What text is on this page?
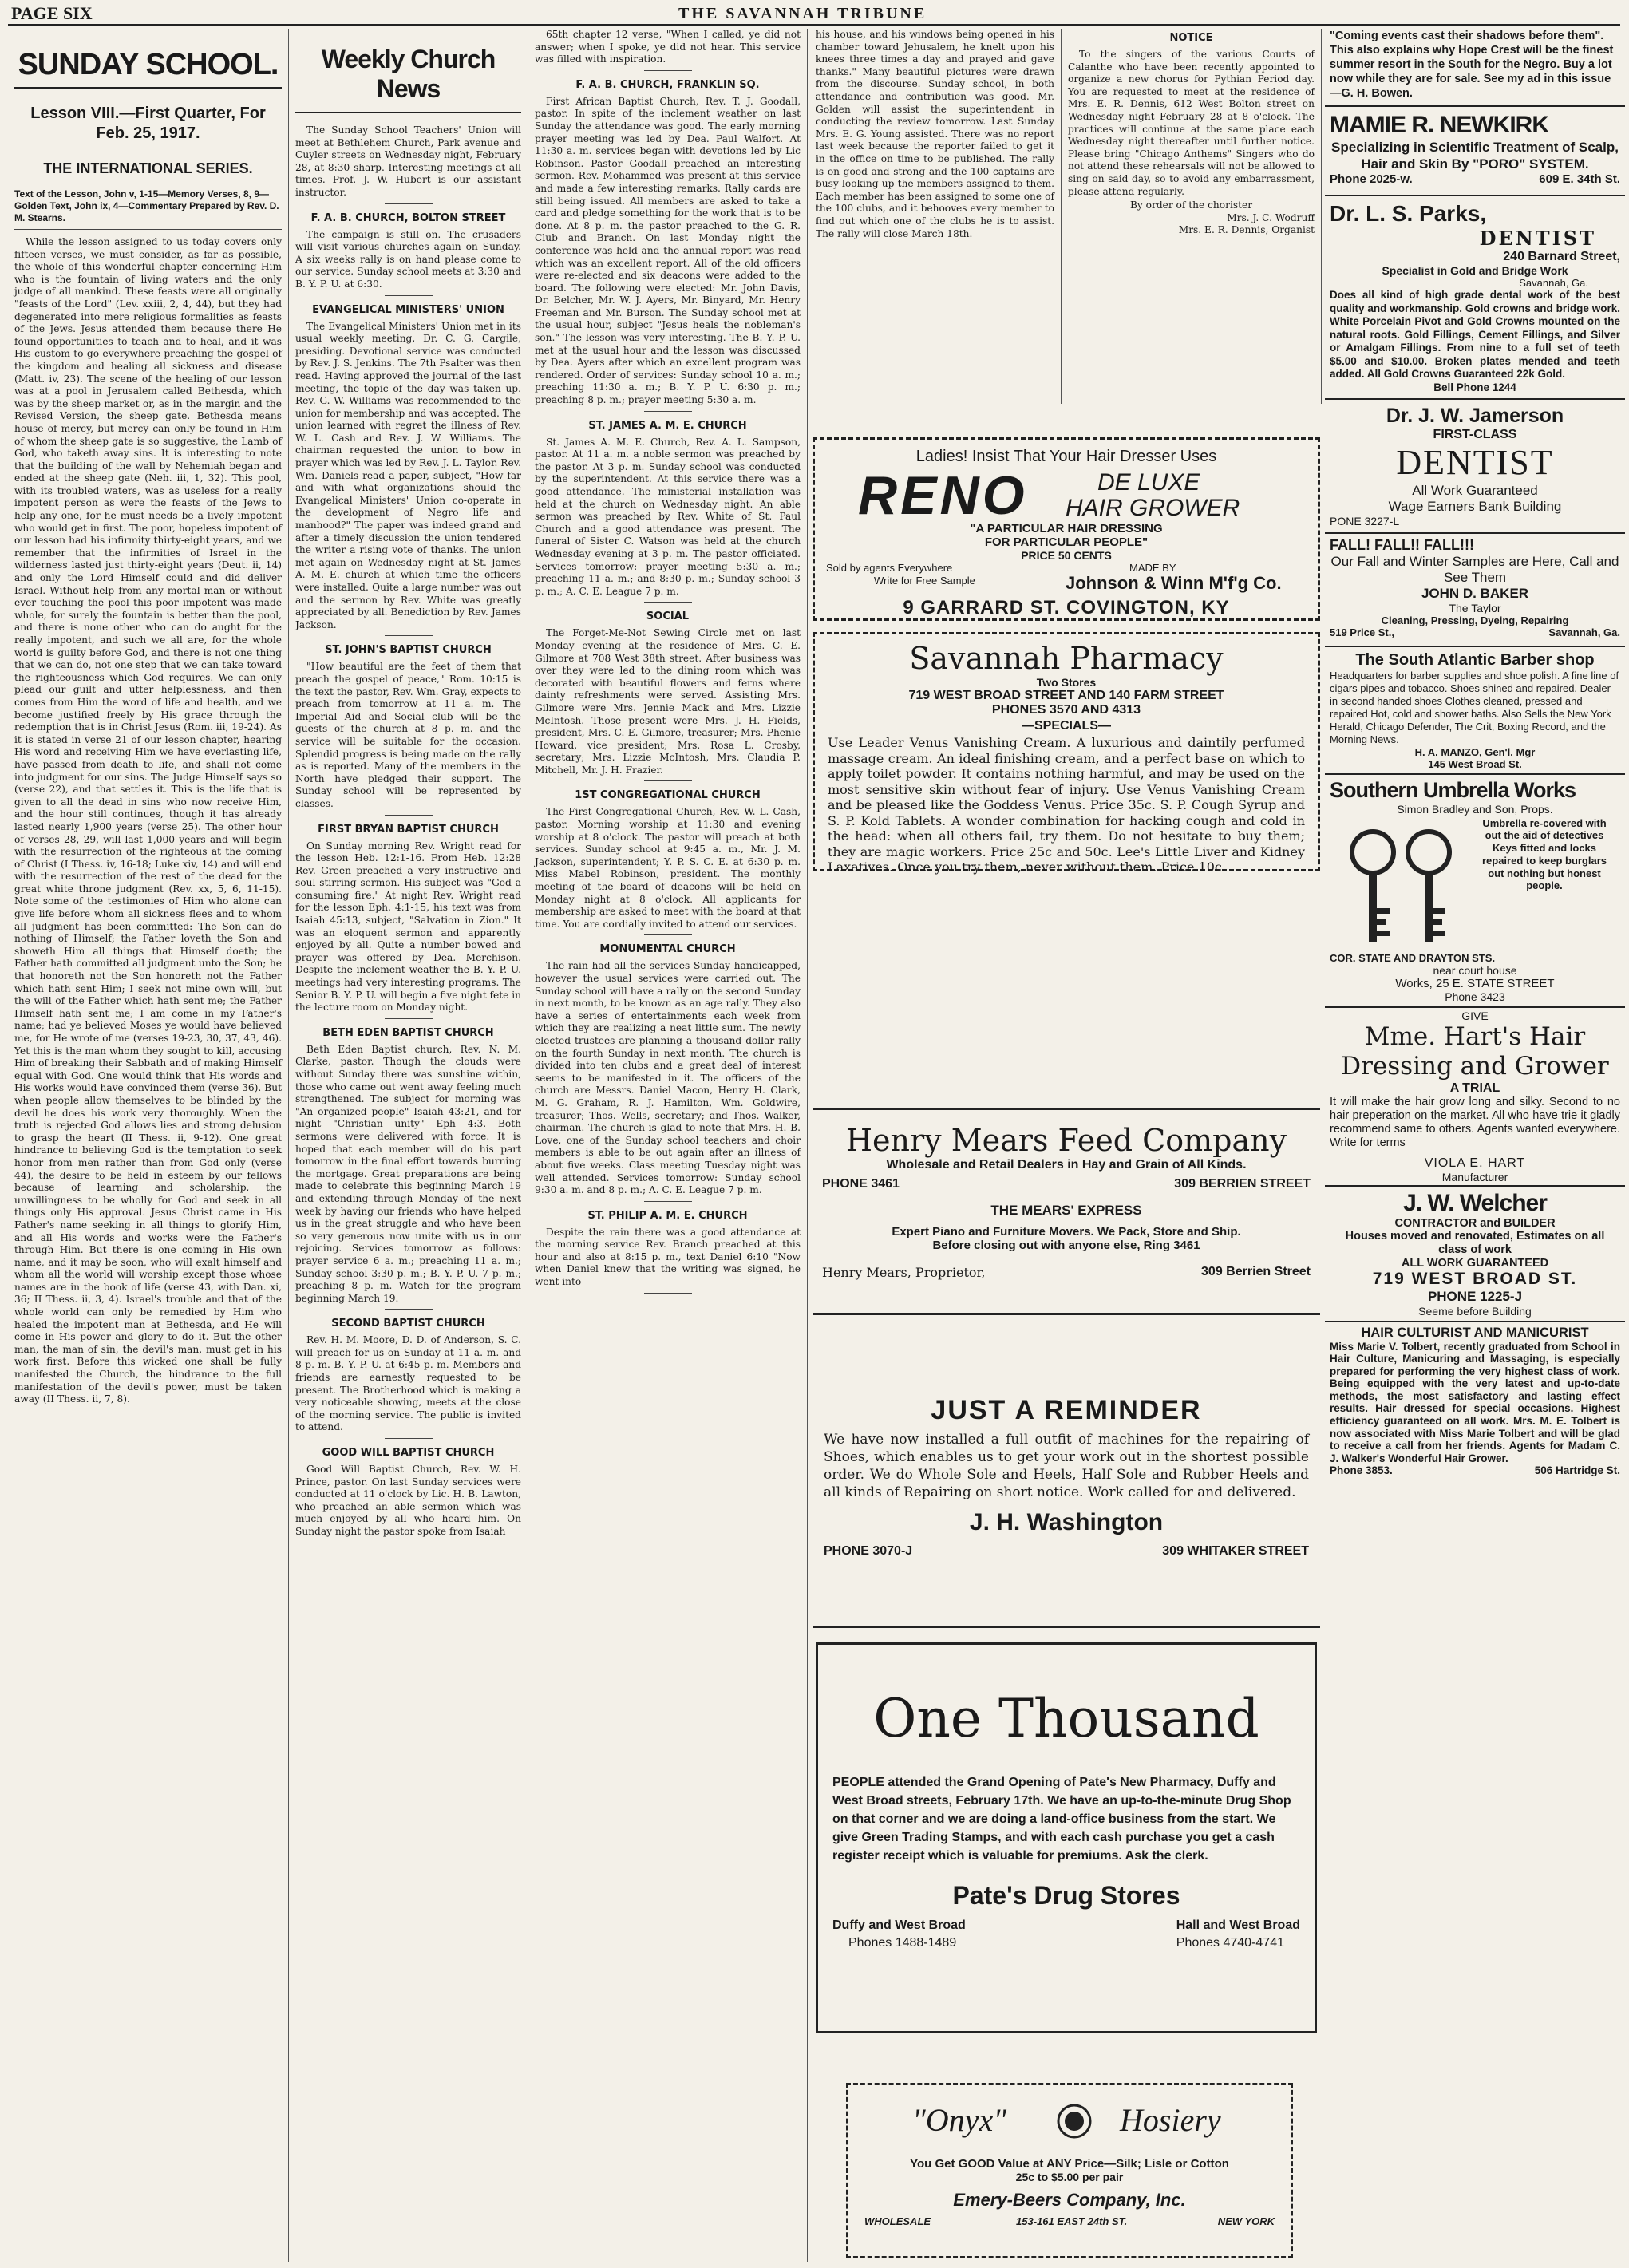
PAGE SIX	THE SAVANNAH TRIBUNE
SUNDAY SCHOOL.
Lesson VIII.—First Quarter, For
Feb. 25, 1917.
THE INTERNATIONAL SERIES.
Text of the Lesson, John v, 1-15—Memory Verses, 8, 9—Golden Text, John ix, 4—Commentary Prepared by Rev. D. M. Stearns.
While the lesson assigned to us today covers only fifteen verses, we must consider, as far as possible, the whole of this wonderful chapter concerning Him who is the fountain of living waters and the only judge of all mankind. These feasts were all originally "feasts of the Lord" (Lev. xxiii, 2, 4, 44), but they had degenerated into mere religious formalities as feasts of the Jews. Jesus attended them because there He found opportunities to teach and to heal, and it was His custom to go everywhere preaching the gospel of the kingdom and healing all sickness and disease (Matt. iv, 23). The scene of the healing of our lesson was at a pool in Jerusalem called Bethesda, which was by the sheep market or, as in the margin and the Revised Version, the sheep gate. Bethesda means house of mercy, but mercy can only be found in Him of whom the sheep gate is so suggestive, the Lamb of God, who taketh away sins. It is interesting to note that the building of the wall by Nehemiah began and ended at the sheep gate (Neh. iii, 1, 32). This pool, with its troubled waters, was as useless for a really impotent person as were the feasts of the Jews to help any one, for he must needs be a lively impotent who would get in first. The poor, hopeless impotent of our lesson had his infirmity thirty-eight years, and we remember that the infirmities of Israel in the wilderness lasted just thirty-eight years (Deut. ii, 14) and only the Lord Himself could and did deliver Israel. Without help from any mortal man or without ever touching the pool this poor impotent was made whole, for surely the fountain is better than the pool, and there is none other who can do aught for the really impotent, and such we all are, for the whole world is guilty before God, and there is not one thing that we can do, not one step that we can take toward the righteousness which God requires. We can only plead our guilt and utter helplessness, and then comes from Him the word of life and health, and we become justified freely by His grace through the redemption that is in Christ Jesus (Rom. iii, 19-24). As it is stated in verse 21 of our lesson chapter, hearing His word and receiving Him we have everlasting life, have passed from death to life, and shall not come into judgment for our sins. The Judge Himself says so (verse 22), and that settles it. This is the life that is given to all the dead in sins who now receive Him, and the hour still continues, though it has already lasted nearly 1,900 years (verse 25). The other hour of verses 28, 29, will last 1,000 years and will begin with the resurrection of the righteous at the coming of Christ (I Thess. iv, 16-18; Luke xiv, 14) and will end with the resurrection of the rest of the dead for the great white throne judgment (Rev. xx, 5, 6, 11-15). Note some of the testimonies of Him who alone can give life before whom all sickness flees and to whom all judgment has been committed: The Son can do nothing of Himself; the Father loveth the Son and showeth Him all things that Himself doeth; the Father hath committed all judgment unto the Son; he that honoreth not the Son honoreth not the Father which hath sent Him; I seek not mine own will, but the will of the Father which hath sent me; the Father Himself hath sent me; I am come in my Father's name; had ye believed Moses ye would have believed me, for He wrote of me (verses 19-23, 30, 37, 43, 46). Yet this is the man whom they sought to kill, accusing Him of breaking their Sabbath and of making Himself equal with God. One would think that His words and His works would have convinced them (verse 36). But when people allow themselves to be blinded by the devil he does his work very thoroughly. When the truth is rejected God allows lies and strong delusion to grasp the heart (II Thess. ii, 9-12). One great hindrance to believing God is the temptation to seek honor from men rather than from God only (verse 44), the desire to be held in esteem by our fellows because of learning and scholarship, the unwillingness to be wholly for God and seek in all things only His approval. Jesus Christ came in His Father's name seeking in all things to glorify Him, and all His words and works were the Father's through Him. But there is one coming in His own name, and it may be soon, who will exalt himself and whom all the world will worship except those whose names are in the book of life (verse 43, with Dan. xi, 36; II Thess. ii, 3, 4). Israel's trouble and that of the whole world can only be remedied by Him who healed the impotent man at Bethesda, and He will come in His power and glory to do it. But the other man, the man of sin, the devil's man, must get in his work first. Before this wicked one shall be fully manifested the Church, the hindrance to the full manifestation of the devil's power, must be taken away (II Thess. ii, 7, 8).
Weekly Church News
The Sunday School Teachers' Union will meet at Bethlehem Church, Park avenue and Cuyler streets on Wednesday night, February 28, at 8:30 sharp. Interesting meetings at all times. Prof. J. W. Hubert is our assistant instructor.
F. A. B. CHURCH, BOLTON STREET
The campaign is still on. The crusaders will visit various churches again on Sunday. A six weeks rally is on hand please come to our service. Sunday school meets at 3:30 and B. Y. P. U. at 6:30.
EVANGELICAL MINISTERS' UNION
The Evangelical Ministers' Union met in its usual weekly meeting, Dr. C. G. Cargile, presiding. Devotional service was conducted by Rev. J. S. Jenkins. The 7th Psalter was then read. Having approved the journal of the last meeting, the topic of the day was taken up. Rev. G. W. Williams was recommended to the union for membership and was accepted. The union learned with regret the illness of Rev. W. L. Cash and Rev. J. W. Williams. The chairman requested the union to bow in prayer which was led by Rev. J. L. Taylor. Rev. Wm. Daniels read a paper, subject, "How far and with what organizations should the Evangelical Ministers' Union co-operate in the development of Negro life and manhood?" The paper was indeed grand and after a timely discussion the union tendered the writer a rising vote of thanks. The union met again on Wednesday night at St. James A. M. E. church at which time the officers were installed. Quite a large number was out and the sermon by Rev. White was greatly appreciated by all. Benediction by Rev. James Jackson.
ST. JOHN'S BAPTIST CHURCH
"How beautiful are the feet of them that preach the gospel of peace," Rom. 10:15 is the text the pastor, Rev. Wm. Gray, expects to preach from tomorrow at 11 a. m. The Imperial Aid and Social club will be the guests of the church at 8 p. m. and the service will be suitable for the occasion. Splendid progress is being made on the rally as is reported. Many of the members in the North have pledged their support. The Sunday school will be represented by classes.
FIRST BRYAN BAPTIST CHURCH
On Sunday morning Rev. Wright read for the lesson Heb. 12:1-16. From Heb. 12:28 Rev. Green preached a very instructive and soul stirring sermon. His subject was "God a consuming fire." At night Rev. Wright read for the lesson Eph. 4:1-15, his text was from Isaiah 45:13, subject, "Salvation in Zion." It was an eloquent sermon and apparently enjoyed by all. Quite a number bowed and prayer was offered by Dea. Merchison. Despite the inclement weather the B. Y. P. U. meetings had very interesting programs. The Senior B. Y. P. U. will begin a five night fete in the lecture room on Monday night.
BETH EDEN BAPTIST CHURCH
Beth Eden Baptist church, Rev. N. M. Clarke, pastor. Though the clouds were without Sunday there was sunshine within, those who came out went away feeling much strengthened. The subject for morning was "An organized people" Isaiah 43:21, and for night "Christian unity" Eph 4:3. Both sermons were delivered with force. It is hoped that each member will do his part tomorrow in the final effort towards burning the mortgage. Great preparations are being made to celebrate this beginning March 19 and extending through Monday of the next week by having our friends who have helped us in the great struggle and who have been so very generous now unite with us in our rejoicing. Services tomorrow as follows: prayer service 6 a. m.; preaching 11 a. m.; Sunday school 3:30 p. m.; B. Y. P. U. 7 p. m.; preaching 8 p. m. Watch for the program beginning March 19.
SECOND BAPTIST CHURCH
Rev. H. M. Moore, D. D. of Anderson, S. C. will preach for us on Sunday at 11 a. m. and 8 p. m. B. Y. P. U. at 6:45 p. m. Members and friends are earnestly requested to be present. The Brotherhood which is making a very noticeable showing, meets at the close of the morning service. The public is invited to attend.
GOOD WILL BAPTIST CHURCH
Good Will Baptist Church, Rev. W. H. Prince, pastor. On last Sunday services were conducted at 11 o'clock by Lic. H. B. Lawton, who preached an able sermon which was much enjoyed by all who heard him. On Sunday night the pastor spoke from Isaiah
65th chapter 12 verse, "When I called, ye did not answer; when I spoke, ye did not hear. This service was filled with inspiration.
F. A. B. CHURCH, FRANKLIN SQ.
First African Baptist Church, Rev. T. J. Goodall, pastor. In spite of the inclement weather on last Sunday the attendance was good. The early morning prayer meeting was led by Dea. Paul Walfort. At 11:30 a. m. services began with devotions led by Lic Robinson. Pastor Goodall preached an interesting sermon. Rev. Mohammed was present at this service and made a few interesting remarks. Rally cards are still being issued. All members are asked to take a card and pledge something for the work that is to be done. At 8 p. m. the pastor preached to the G. R. Club and Branch. On last Monday night the conference was held and the annual report was read which was an excellent report. All of the old officers were re-elected and six deacons were added to the board. The following were elected: Mr. John Davis, Dr. Belcher, Mr. W. J. Ayers, Mr. Binyard, Mr. Henry Freeman and Mr. Burson. The Sunday school met at the usual hour, subject "Jesus heals the nobleman's son." The lesson was very interesting. The B. Y. P. U. met at the usual hour and the lesson was discussed by Dea. Ayers after which an excellent program was rendered. Order of services: Sunday school 10 a. m.; preaching 11:30 a. m.; B. Y. P. U. 6:30 p. m.; preaching 8 p. m.; prayer meeting 5:30 a. m.
ST. JAMES A. M. E. CHURCH
St. James A. M. E. Church, Rev. A. L. Sampson, pastor. At 11 a. m. a noble sermon was preached by the pastor. At 3 p. m. Sunday school was conducted by the superintendent. At this service there was a good attendance. The ministerial installation was held at the church on Wednesday night. An able sermon was preached by Rev. White of St. Paul Church and a good attendance was present. The funeral of Sister C. Watson was held at the church Wednesday evening at 3 p. m. The pastor officiated. Services tomorrow: prayer meeting 5:30 a. m.; preaching 11 a. m.; and 8:30 p. m.; Sunday school 3 p. m.; A. C. E. League 7 p. m.
SOCIAL
The Forget-Me-Not Sewing Circle met on last Monday evening at the residence of Mrs. C. E. Gilmore at 708 West 38th street. After business was over they were led to the dining room which was decorated with beautiful flowers and ferns where dainty refreshments were served. Assisting Mrs. Gilmore were Mrs. Jennie Mack and Mrs. Lizzie McIntosh. Those present were Mrs. J. H. Fields, president, Mrs. C. E. Gilmore, treasurer; Mrs. Phenie Howard, vice president; Mrs. Rosa L. Crosby, secretary; Mrs. Lizzie McIntosh, Mrs. Claudia P. Mitchell, Mr. J. H. Frazier.
1ST CONGREGATIONAL CHURCH
The First Congregational Church, Rev. W. L. Cash, pastor. Morning worship at 11:30 and evening worship at 8 o'clock. The pastor will preach at both services. Sunday school at 9:45 a. m., Mr. J. M. Jackson, superintendent; Y. P. S. C. E. at 6:30 p. m. Miss Mabel Robinson, president. The monthly meeting of the board of deacons will be held on Monday night at 8 o'clock. All applicants for membership are asked to meet with the board at that time. You are cordially invited to attend our services.
MONUMENTAL CHURCH
The rain had all the services Sunday handicapped, however the usual services were carried out. The Sunday school will have a rally on the second Sunday in next month, to be known as an age rally. They also have a series of entertainments each week from which they are realizing a neat little sum. The newly elected trustees are planning a thousand dollar rally on the fourth Sunday in next month. The church is divided into ten clubs and a great deal of interest seems to be manifested in it. The officers of the church are Messrs. Daniel Macon, Henry H. Clark, M. G. Graham, R. J. Hamilton, Wm. Goldwire, treasurer; Thos. Wells, secretary; and Thos. Walker, chairman. The church is glad to note that Mrs. H. B. Love, one of the Sunday school teachers and choir members is able to be out again after an illness of about five weeks. Class meeting Tuesday night was well attended. Services tomorrow: Sunday school 9:30 a. m. and 8 p. m.; A. C. E. League 7 p. m.
ST. PHILIP A. M. E. CHURCH
Despite the rain there was a good attendance at the morning service Rev. Branch preached at this hour and also at 8:15 p. m., text Daniel 6:10 "Now when Daniel knew that the writing was signed, he went into
his house, and his windows being opened in his chamber toward Jehusalem, he knelt upon his knees three times a day and prayed and gave thanks." Many beautiful pictures were drawn from the discourse. Sunday school, in both attendance and contribution was good. Mr. Golden will assist the superintendent in conducting the review tomorrow. Last Sunday Mrs. E. G. Young assisted. There was no report last week because the reporter failed to get it in the office on time to be published. The rally is on good and strong and the 100 captains are busy looking up the members assigned to them. Each member has been assigned to some one of the 100 clubs, and it behooves every member to find out which one of the clubs he is to assist. The rally will close March 18th.
NOTICE
To the singers of the various Courts of Calanthe who have been recently appointed to organize a new chorus for Pythian Period day. You are requested to meet at the residence of Mrs. E. R. Dennis, 612 West Bolton street on Wednesday night February 28 at 8 o'clock. The practices will continue at the same place each Wednesday night thereafter until further notice. Please bring "Chicago Anthems" Singers who do not attend these rehearsals will not be allowed to sing on said day, so to avoid any embarrassment, please attend regularly.
By order of the chorister
Mrs. J. C. Wodruff
Mrs. E. R. Dennis, Organist
Ladies! Insist That Your Hair Dresser Uses
RENO	DE LUXE
HAIR GROWER
"A PARTICULAR HAIR DRESSING
FOR PARTICULAR PEOPLE"
PRICE 50 CENTS
Sold by agents Everywhere
Write for Free Sample
MADE BY
Johnson & Winn M'f'g Co.
9 GARRARD ST. COVINGTON, KY
Savannah Pharmacy
Two Stores
719 WEST BROAD STREET AND 140 FARM STREET
PHONES 3570 AND 4313
—SPECIALS—
Use Leader Venus Vanishing Cream. A luxurious and daintily perfumed massage cream. An ideal finishing cream, and a perfect base on which to apply toilet powder. It contains nothing harmful, and may be used on the most sensitive skin without fear of injury. Use Venus Vanishing Cream and be pleased like the Goddess Venus. Price 35c. S. P. Cough Syrup and S. P. Kold Tablets. A wonder combination for hacking cough and cold in the head: when all others fail, try them. Do not hesitate to buy them; they are magic workers. Price 25c and 50c. Lee's Little Liver and Kidney Laxatives. Once you try them, never without them. Price 10c.
Henry Mears Feed Company
Wholesale and Retail Dealers in Hay and Grain of All Kinds.
PHONE 3461	309 BERRIEN STREET
THE MEARS' EXPRESS
Expert Piano and Furniture Movers. We Pack, Store and Ship.
Before closing out with anyone else, Ring 3461
Henry Mears, Proprietor,	309 Berrien Street
JUST A REMINDER
We have now installed a full outfit of machines for the repairing of Shoes, which enables us to get your work out in the shortest possible order. We do Whole Sole and Heels, Half Sole and Rubber Heels and all kinds of Repairing on short notice. Work called for and delivered.
J. H. Washington
PHONE 3070-J	309 WHITAKER STREET
One Thousand
PEOPLE attended the Grand Opening of Pate's New Pharmacy, Duffy and West Broad streets, February 17th. We have an up-to-the-minute Drug Shop on that corner and we are doing a land-office business from the start. We give Green Trading Stamps, and with each cash purchase you get a cash register receipt which is valuable for premiums. Ask the clerk.
Pate's Drug Stores
Duffy and West Broad	Hall and West Broad
Phones 1488-1489	Phones 4740-4741
"Onyx"	Hosiery
You Get GOOD Value at ANY Price—Silk; Lisle or Cotton
25c to $5.00 per pair
Emery-Beers Company, Inc.
WHOLESALE	153-161 EAST 24th ST.	NEW YORK
"Coming events cast their shadows before them". This also explains why Hope Crest will be the finest summer resort in the South for the Negro. Buy a lot now while they are for sale. See my ad in this issue—G. H. Bowen.
MAMIE R. NEWKIRK
Specializing in Scientific Treatment of Scalp, Hair and Skin By "PORO" SYSTEM.
Phone 2025-w.	609 E. 34th St.
Dr. L. S. Parks,
DENTIST
240 Barnard Street,
Specialist in Gold and Bridge Work
Savannah, Ga.
Does all kind of high grade dental work of the best quality and workmanship. Gold crowns and bridge work. White Porcelain Pivot and Gold Crowns mounted on the natural roots. Gold Fillings, Cement Fillings, and Silver or Amalgam Fillings. From nine to a full set of teeth $5.00 and $10.00. Broken plates mended and teeth added. All Gold Crowns Guaranteed 22k Gold.
Bell Phone 1244
Dr. J. W. Jamerson
FIRST-CLASS
DENTIST
All Work Guaranteed
Wage Earners Bank Building
PONE 3227-L
FALL! FALL!! FALL!!!
Our Fall and Winter Samples are Here, Call and See Them
JOHN D. BAKER
The Taylor
Cleaning, Pressing, Dyeing, Repairing
519 Price St.,	Savannah, Ga.
The South Atlantic Barber shop
Headquarters for barber supplies and shoe polish. A fine line of cigars pipes and tobacco. Shoes shined and repaired. Dealer in second handed shoes Clothes cleaned, pressed and repaired Hot, cold and shower baths. Also Sells the New York Herald, Chicago Defender, The Crit, Boxing Record, and the Morning News.
H. A. MANZO, Gen'l. Mgr
145 West Broad St.
Southern Umbrella Works
Simon Bradley and Son, Props.
Umbrella re-covered with out the aid of detectives Keys fitted and locks repaired to keep burglars out nothing but honest people.
COR. STATE AND DRAYTON STS.
near court house
Works, 25 E. STATE STREET
Phone 3423
GIVE
Mme. Hart's Hair Dressing and Grower
A TRIAL
It will make the hair grow long and silky. Second to no hair preperation on the market. All who have trie it gladly recommend same to others. Agents wanted everywhere. Write for terms
VIOLA E. HART
Manufacturer
J. W. Welcher
CONTRACTOR and BUILDER
Houses moved and renovated, Estimates on all class of work
ALL WORK GUARANTEED
719 WEST BROAD ST.
PHONE 1225-J
Seeme before Building
HAIR CULTURIST AND MANICURIST
Miss Marie V. Tolbert, recently graduated from School in Hair Culture, Manicuring and Massaging, is especially prepared for performing the very highest class of work. Being equipped with the very latest and up-to-date methods, the most satisfactory and lasting effect results. Hair dressed for special occasions. Highest efficiency guaranteed on all work. Mrs. M. E. Tolbert is now associated with Miss Marie Tolbert and will be glad to receive a call from her friends. Agents for Madam C. J. Walker's Wonderful Hair Grower.
Phone 3853.	506 Hartridge St.
